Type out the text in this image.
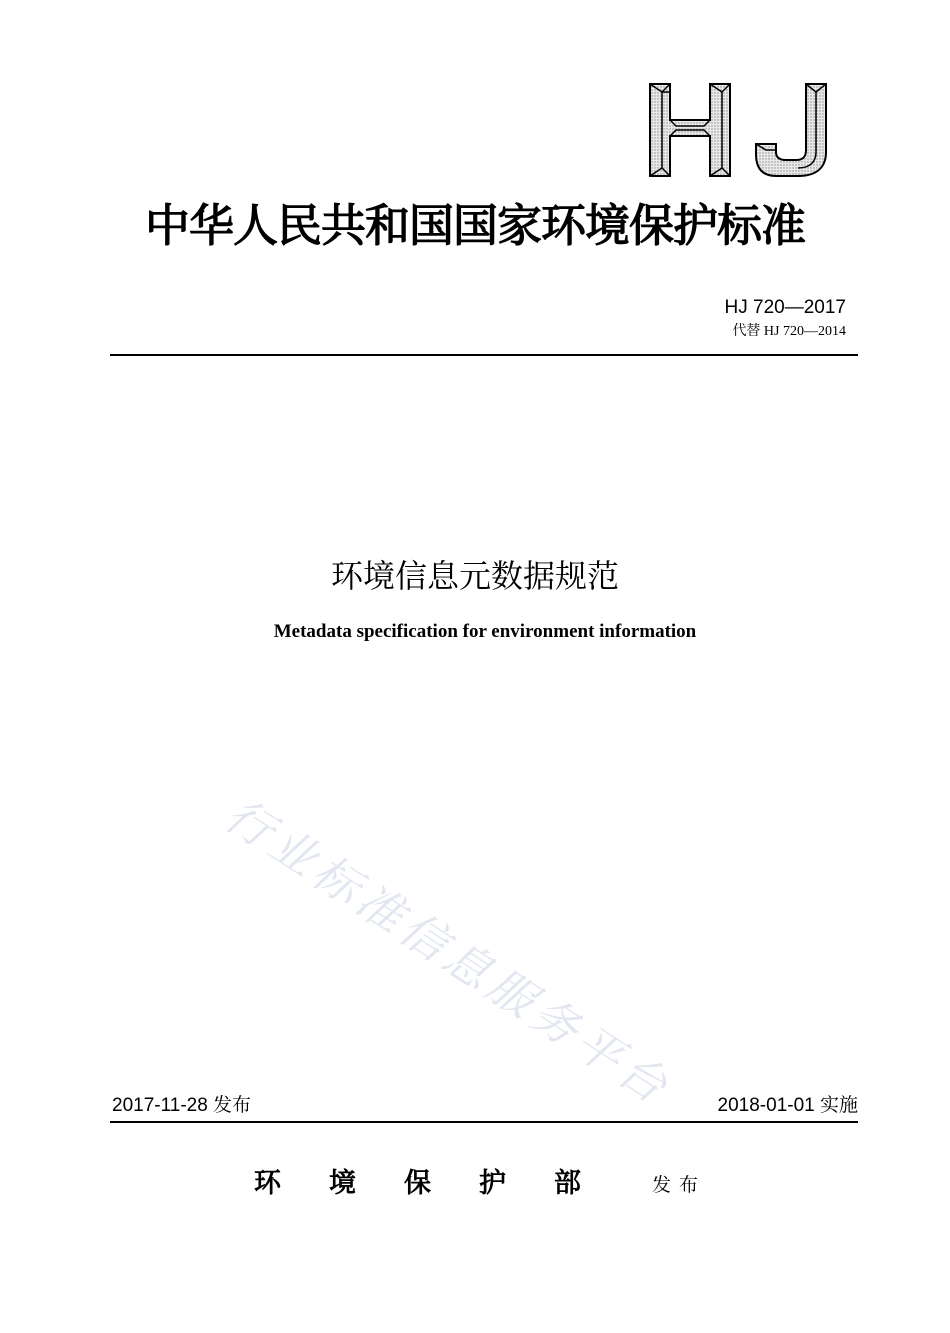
中华人民共和国国家环境保护标准
HJ 720—2017
代替 HJ 720—2014
环境信息元数据规范
Metadata specification for environment information
行业标准信息服务平台
2017-11-28 发布	2018-01-01 实施
环境保护部 发布
